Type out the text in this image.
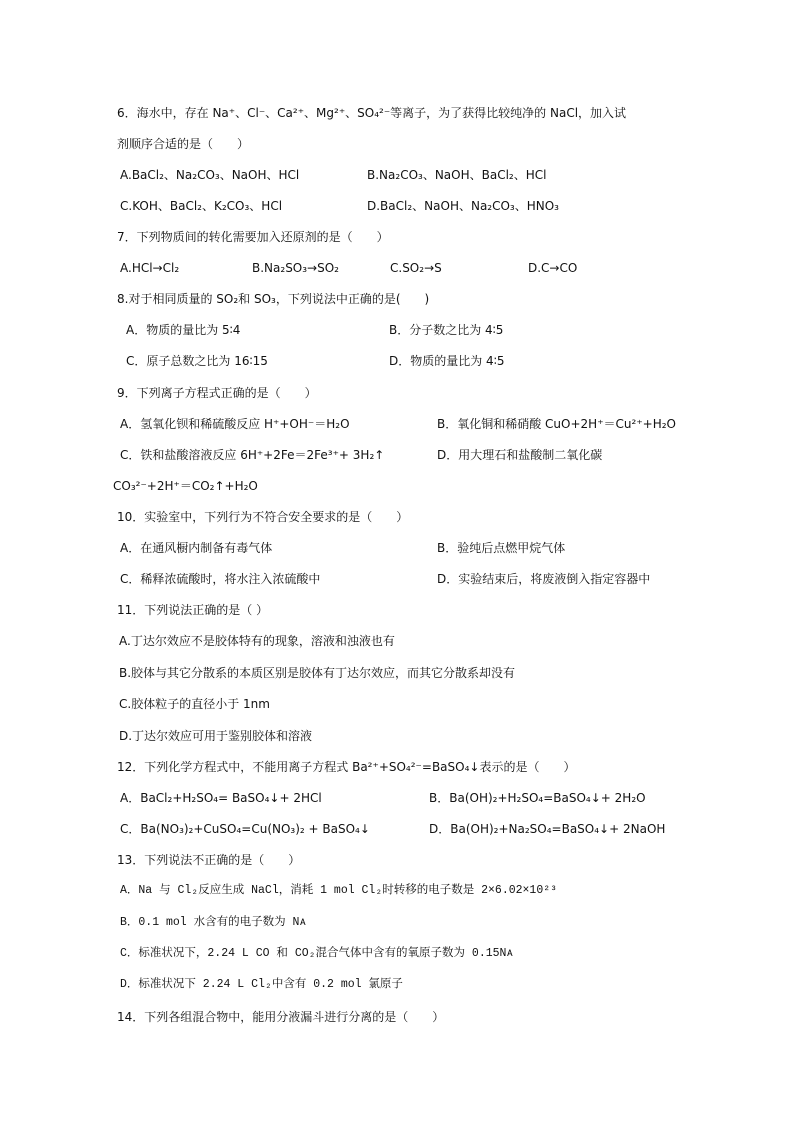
6．海水中，存在 Na⁺、Cl⁻、Ca²⁺、Mg²⁺、SO₄²⁻等离子，为了获得比较纯净的 NaCl，加入试
剂顺序合适的是（　　）
A.BaCl₂、Na₂CO₃、NaOH、HCl	B.Na₂CO₃、NaOH、BaCl₂、HCl
C.KOH、BaCl₂、K₂CO₃、HCl	D.BaCl₂、NaOH、Na₂CO₃、HNO₃
7．下列物质间的转化需要加入还原剂的是（　　）
A.HCl→Cl₂	B.Na₂SO₃→SO₂	C.SO₂→S	D.C→CO
8.对于相同质量的 SO₂和 SO₃，下列说法中正确的是(　　)
A．物质的量比为 5∶4	B．分子数之比为 4∶5
C．原子总数之比为 16∶15	D．物质的量比为 4∶5
9．下列离子方程式正确的是（　　）
A．氢氧化钡和稀硫酸反应 H⁺+OH⁻＝H₂O	B．氧化铜和稀硝酸 CuO+2H⁺＝Cu²⁺+H₂O
C．铁和盐酸溶液反应 6H⁺+2Fe＝2Fe³⁺+ 3H₂↑	D．用大理石和盐酸制二氧化碳
CO₃²⁻+2H⁺＝CO₂↑+H₂O
10．实验室中，下列行为不符合安全要求的是（　　）
A．在通风橱内制备有毒气体	B．验纯后点燃甲烷气体
C．稀释浓硫酸时，将水注入浓硫酸中	D．实验结束后，将废液倒入指定容器中
11．下列说法正确的是（ ）
A.丁达尔效应不是胶体特有的现象，溶液和浊液也有
B.胶体与其它分散系的本质区别是胶体有丁达尔效应，而其它分散系却没有
C.胶体粒子的直径小于 1nm
D.丁达尔效应可用于鉴别胶体和溶液
12．下列化学方程式中，不能用离子方程式 Ba²⁺+SO₄²⁻=BaSO₄↓表示的是（　　）
A．BaCl₂+H₂SO₄= BaSO₄↓+ 2HCl	B．Ba(OH)₂+H₂SO₄=BaSO₄↓+ 2H₂O
C．Ba(NO₃)₂+CuSO₄=Cu(NO₃)₂ + BaSO₄↓	D．Ba(OH)₂+Na₂SO₄=BaSO₄↓+ 2NaOH
13．下列说法不正确的是（　　）
A．Na 与 Cl₂反应生成 NaCl，消耗 1 mol Cl₂时转移的电子数是 2×6.02×10²³
B．0.1 mol 水含有的电子数为 Nᴀ
C．标准状况下，2.24 L CO 和 CO₂混合气体中含有的氧原子数为 0.15Nᴀ
D．标准状况下 2.24 L Cl₂中含有 0.2 mol 氯原子
14．下列各组混合物中，能用分液漏斗进行分离的是（　　）
